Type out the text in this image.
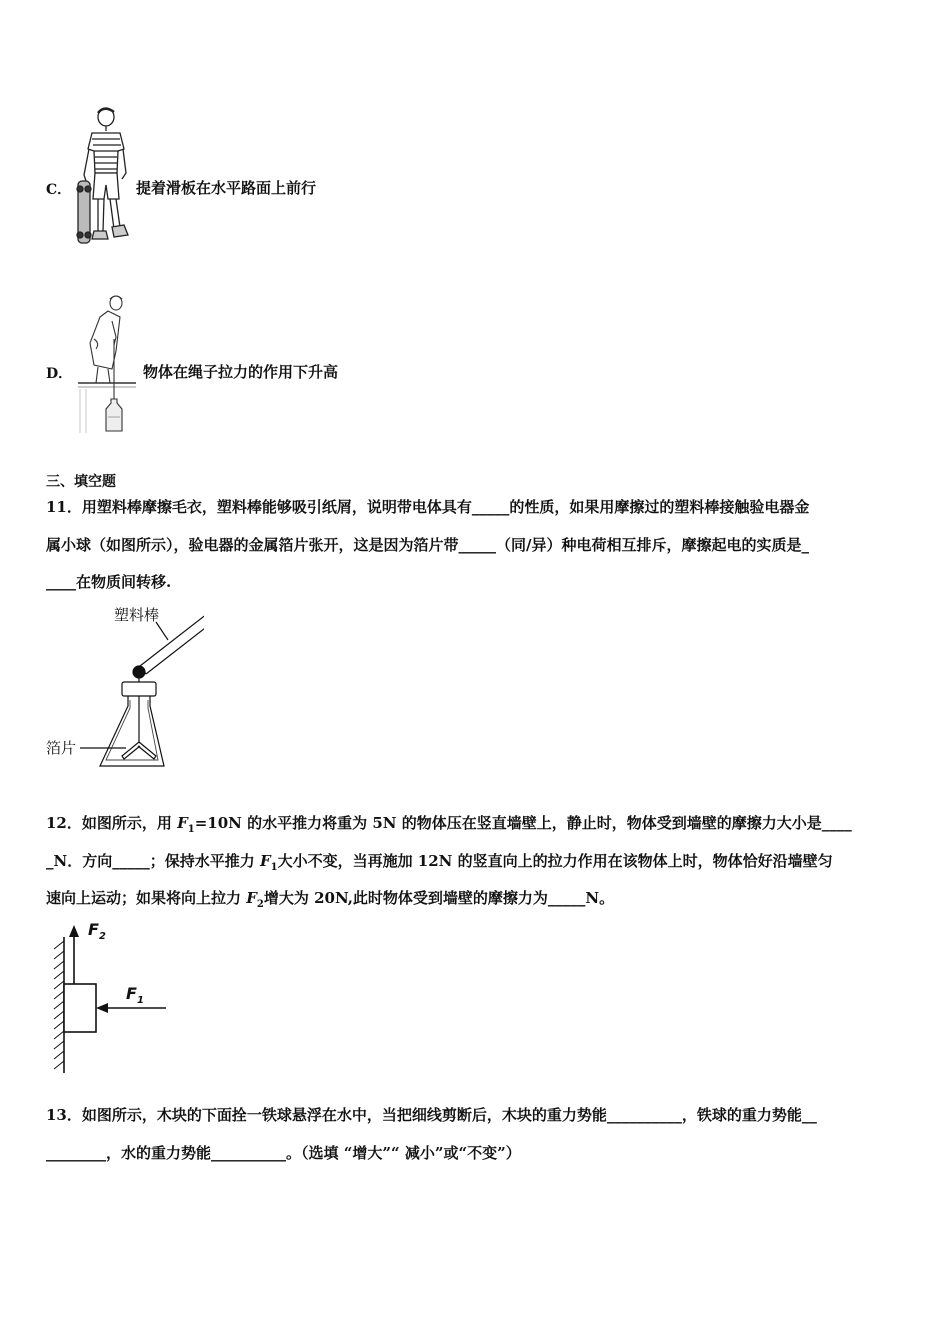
C．	提着滑板在水平路面上前行
D．	物体在绳子拉力的作用下升高
三、填空题
11．用塑料棒摩擦毛衣，塑料棒能够吸引纸屑，说明带电体具有_____的性质，如果用摩擦过的塑料棒接触验电器金
属小球（如图所示），验电器的金属箔片张开，这是因为箔片带_____（同/异）种电荷相互排斥，摩擦起电的实质是_
____在物质间转移.
塑料棒
箔片
12．如图所示，用 $F_1=10N$ 的水平推力将重为 5N 的物体压在竖直墙壁上，静止时，物体受到墙壁的摩擦力大小是____
_N．方向_____；保持水平推力 $F_1$大小不变，当再施加 12N 的竖直向上的拉力作用在该物体上时，物体恰好沿墙壁匀
速向上运动；如果将向上拉力 $F_2$增大为 20N,此时物体受到墙壁的摩擦力为_____N。
$F_2$
$F_1$
13．如图所示，木块的下面拴一铁球悬浮在水中，当把细线剪断后，木块的重力势能__________，铁球的重力势能__
________，水的重力势能__________。（选填 “增大”“ 减小”或“不变”）
